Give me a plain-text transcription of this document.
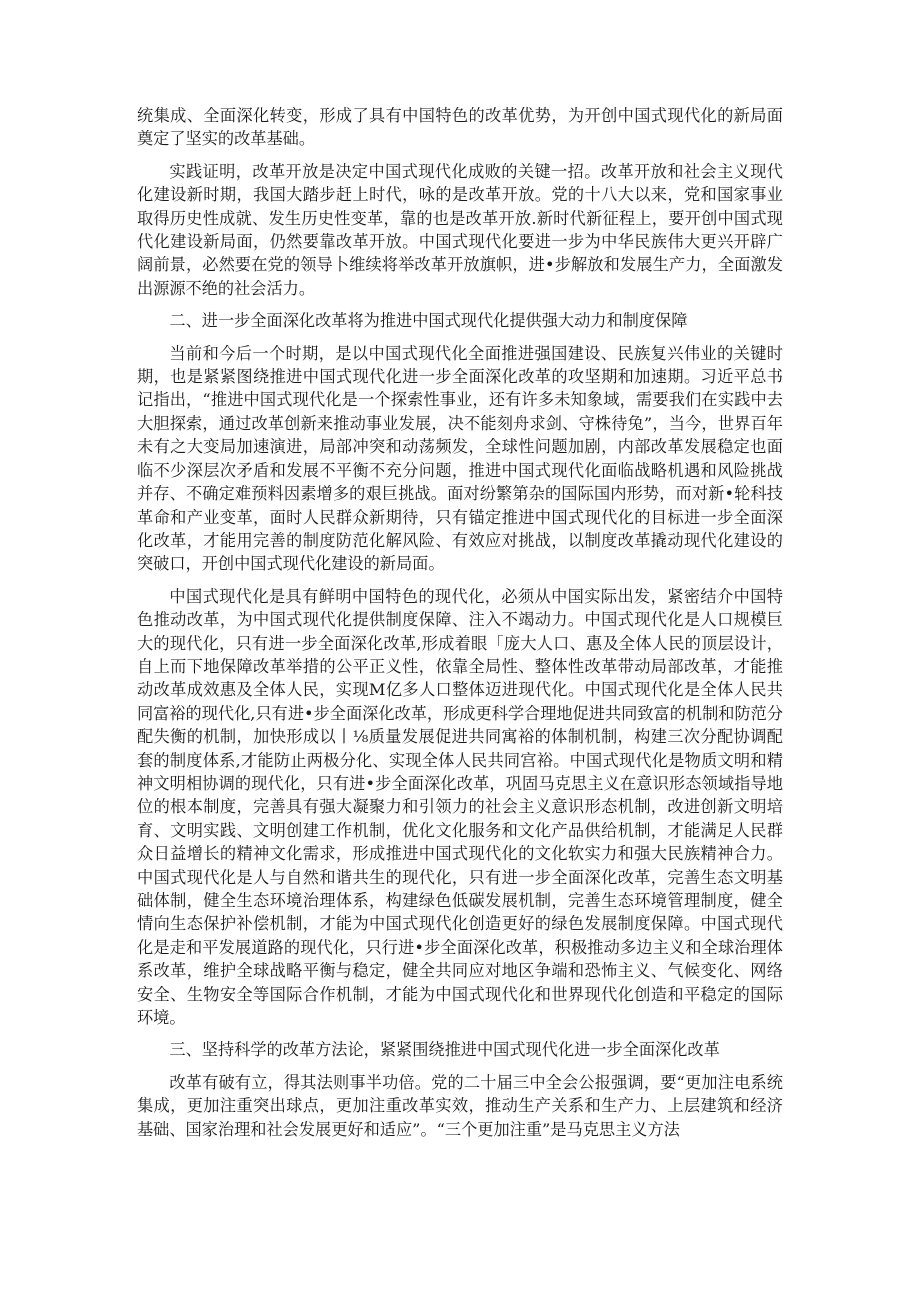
统集成、全面深化转变，形成了具有中国特色的改革优势，为开创中国式现代化的新局面奠定了坚实的改革基础。

实践证明，改革开放是决定中国式现代化成败的关键一招。改革开放和社会主义现代化建设新时期，我国大踏步赶上时代，咏的是改革开放。党的十八大以来，党和国家事业取得历史性成就、发生历史性变革，靠的也是改革开放.新时代新征程上，要开创中国式现代化建设新局面，仍然要靠改革开放。中国式现代化要进一步为中华民族伟大更兴开辟广阔前景，必然要在党的领导卜维续将举改革开放旗帜，进•步解放和发展生产力，全面激发出源源不绝的社会活力。

二、进一步全面深化改革将为推进中国式现代化提供强大动力和制度保障

当前和今后一个时期，是以中国式现代化全面推进强国建设、民族复兴伟业的关键时期，也是紧紧图绕推进中国式现代化进一步全面深化改革的攻坚期和加速期。习近平总书记指出，“推进中国式现代化是一个探索性事业，还有许多未知象域，需要我们在实践中去大胆探索，通过改革创新来推动事业发展，决不能刻舟求剑、守株待兔”，当今，世界百年未有之大变局加速演进，局部冲突和动荡频发，全球性问题加剧，内部改革发展稳定也面临不少深层次矛盾和发展不平衡不充分问题，推进中国式现代化面临战略机遇和风险挑战并存、不确定难预料因素增多的艰巨挑战。面对纷繁第杂的国际国内形势，而对新•轮科技革命和产业变革，面时人民群众新期待，只有锚定推进中国式现代化的目标进一步全面深化改革，才能用完善的制度防范化解风险、有效应对挑战，以制度改革撬动现代化建设的突破口，开创中国式现代化建设的新局面。

中国式现代化是具有鲜明中国特色的现代化，必须从中国实际出发，紧密结介中国特色推动改革，为中国式现代化提供制度保障、注入不竭动力。中国式现代化是人口规模巨大的现代化，只有进一步全面深化改革,形成着眼「庞大人口、惠及全体人民的顶层设计，自上而下地保障改革举措的公平正义性，依靠全局性、整体性改革带动局部改革，才能推动改革成效惠及全体人民，实现M亿多人口整体迈进现代化。中国式现代化是全体人民共同富裕的现代化,只有进•步全面深化改革，形成更科学合理地促进共同致富的机制和防范分配失衡的机制，加快形成以丨⅛质量发展促进共同寓裕的体制机制，构建三次分配协调配套的制度体系,才能防止两极分化、实现全体人民共同宫裕。中国式现代化是物质文明和精神文明相协调的现代化，只有进•步全面深化改革，巩固马克思主义在意识形态领域指导地位的根本制度，完善具有强大凝聚力和引领力的社会主义意识形态机制，改进创新文明培育、文明实践、文明创建工作机制，优化文化服务和文化产品供给机制，才能满足人民群众日益增长的精神文化需求，形成推进中国式现代化的文化软实力和强大民族精神合力。中国式现代化是人与自然和谐共生的现代化，只有进一步全面深化改革，完善生态文明基础体制，健全生态环境治理体系，构建绿色低碳发展机制，完善生态环境管理制度，健全情向生态保护补偿机制，才能为中国式现代化创造更好的绿色发展制度保障。中国式现代化是走和平发展道路的现代化，只行进•步全面深化改革，积极推动多边主义和全球治理体系改革，维护全球战略平衡与稳定，健全共同应对地区争端和恐怖主义、气候变化、网络安全、生物安全等国际合作机制，才能为中国式现代化和世界现代化创造和平稳定的国际环境。

三、坚持科学的改革方法论，紧紧围绕推进中国式现代化进一步全面深化改革

改革有破有立，得其法则事半功倍。党的二十届三中全会公报强调，要“更加注电系统集成，更加注重突出球点，更加注重改革实效，推动生产关系和生产力、上层建筑和经济基础、国家治理和社会发展更好和适应”。“三个更加注重”是马克思主义方法
